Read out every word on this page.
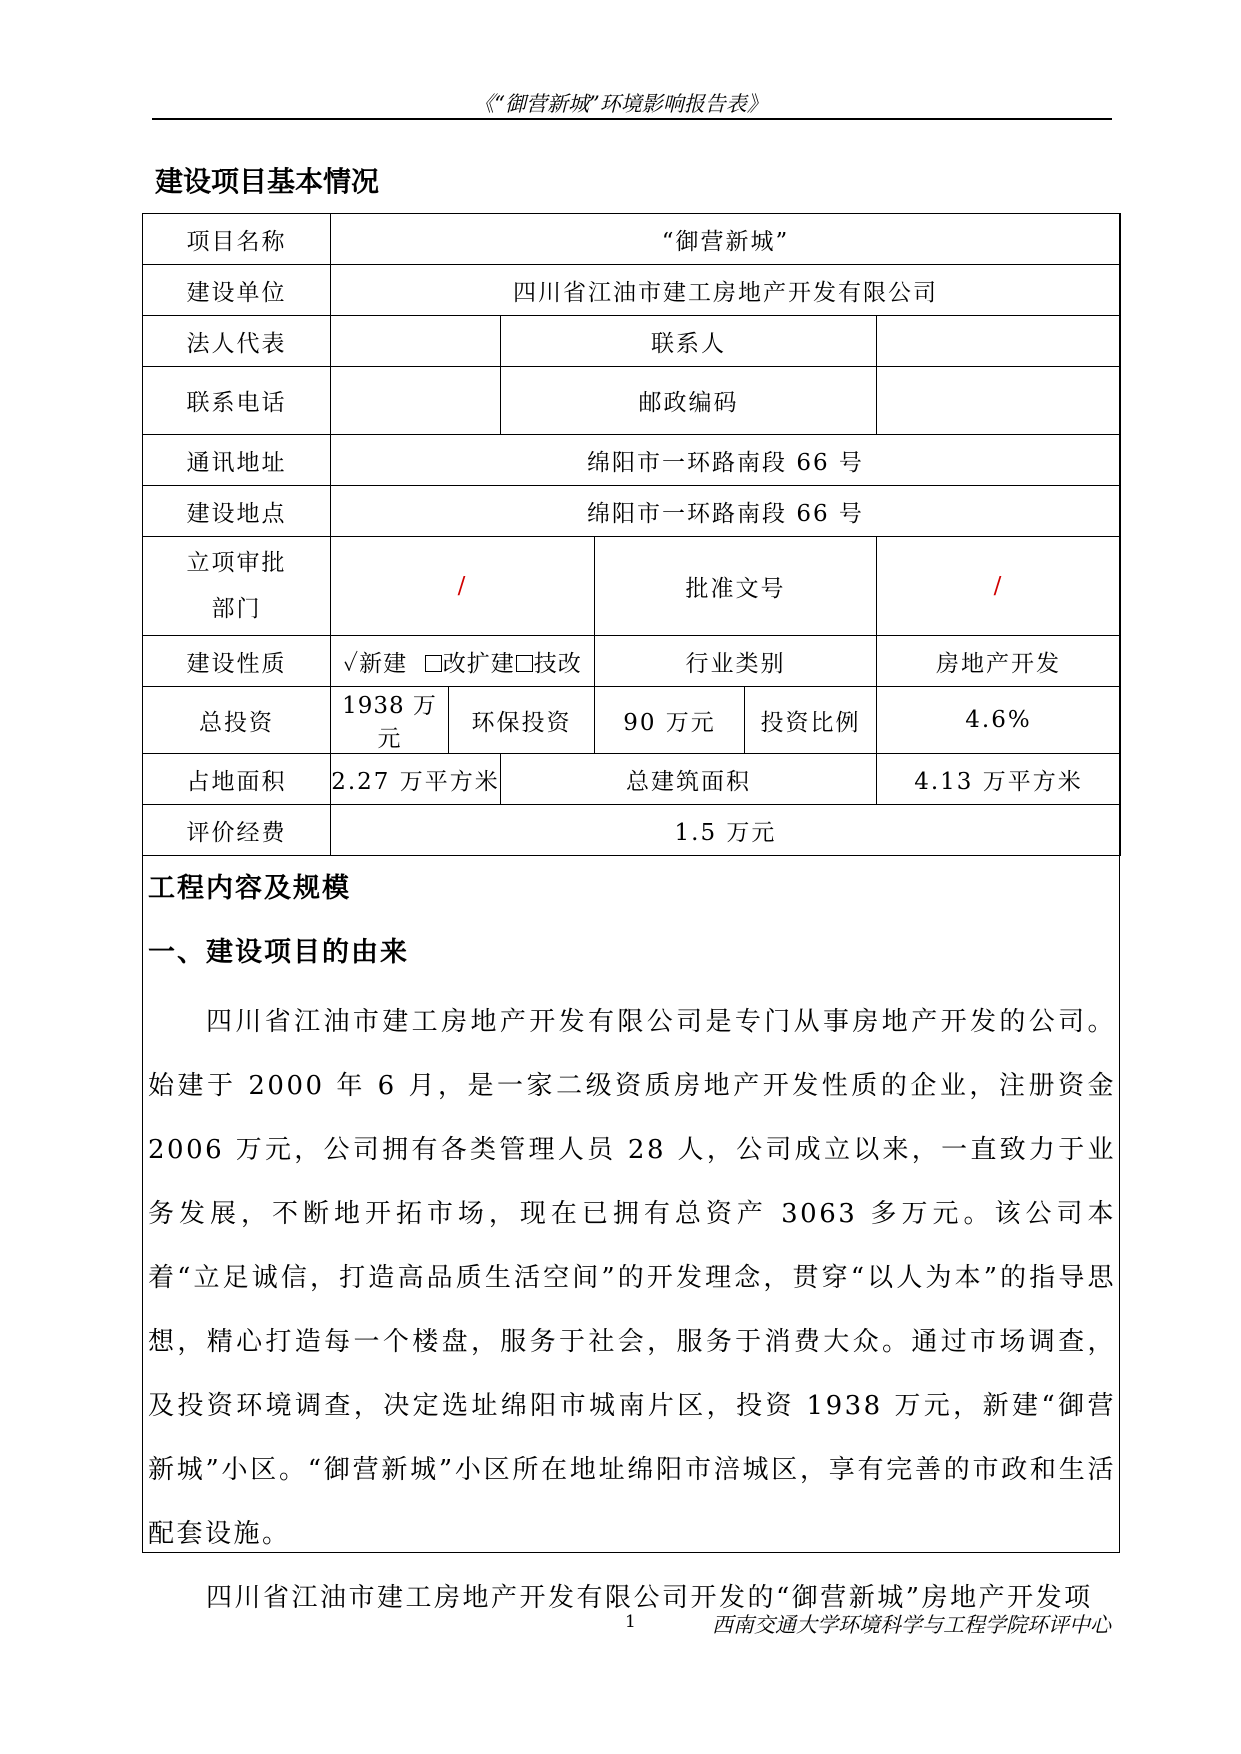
《“御营新城”环境影响报告表》
建设项目基本情况
项目名称	“御营新城”					
建设单位	四川省江油市建工房地产开发有限公司					
法人代表			联系人			
联系电话			邮政编码			
通讯地址	绵阳市一环路南段 66 号					
建设地点	绵阳市一环路南段 66 号					
立项审批
部门	/			批准文号		/
建设性质	✓新建 改扩建 技改			行业类别		房地产开发
总投资	1938 万元	环保投资		90 万元	投资比例	4.6%
占地面积	2.27 万平方米		总建筑面积			4.13 万平方米
评价经费	1.5 万元					
工程内容及规模
一、建设项目的由来

四川省江油市建工房地产开发有限公司是专门从事房地产开发的公司。始建于 2000 年 6 月，是一家二级资质房地产开发性质的企业，注册资金 2006 万元，公司拥有各类管理人员 28 人，公司成立以来，一直致力于业务发展，不断地开拓市场，现在已拥有总资产 3063 多万元。该公司本着“立足诚信，打造高品质生活空间”的开发理念，贯穿“以人为本”的指导思想，精心打造每一个楼盘，服务于社会，服务于消费大众。通过市场调查，及投资环境调查，决定选址绵阳市城南片区，投资 1938 万元，新建“御营新城”小区。“御营新城”小区所在地址绵阳市涪城区，享有完善的市政和生活配套设施。

四川省江油市建工房地产开发有限公司开发的“御营新城”房地产开发项

1	西南交通大学环境科学与工程学院环评中心
